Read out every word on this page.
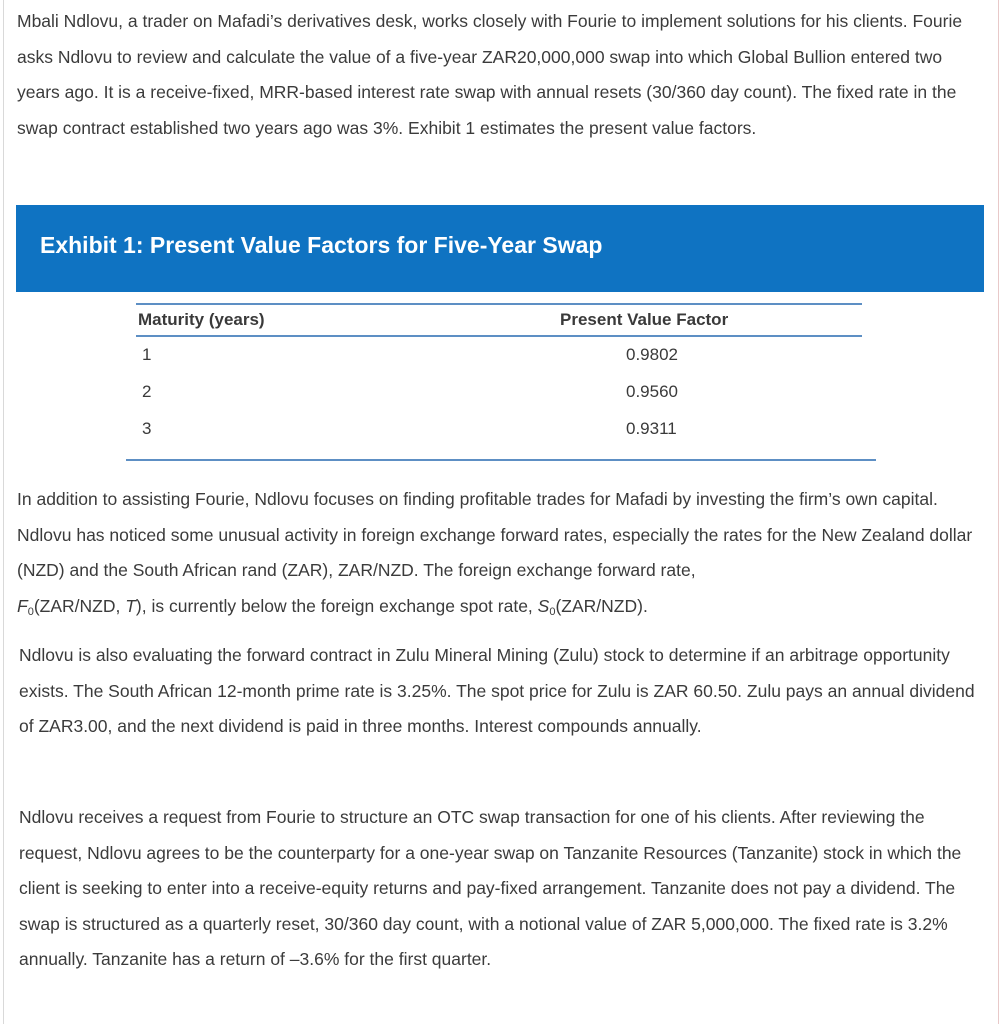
Mbali Ndlovu, a trader on Mafadi’s derivatives desk, works closely with Fourie to implement solutions for his clients. Fourie asks Ndlovu to review and calculate the value of a five-year ZAR20,000,000 swap into which Global Bullion entered two years ago. It is a receive-fixed, MRR-based interest rate swap with annual resets (30/360 day count). The fixed rate in the swap contract established two years ago was 3%. Exhibit 1 estimates the present value factors.

Exhibit 1: Present Value Factors for Five-Year Swap
Maturity (years)	Present Value Factor
1	0.9802
2	0.9560
3	0.9311

In addition to assisting Fourie, Ndlovu focuses on finding profitable trades for Mafadi by investing the firm’s own capital. Ndlovu has noticed some unusual activity in foreign exchange forward rates, especially the rates for the New Zealand dollar (NZD) and the South African rand (ZAR), ZAR/NZD. The foreign exchange forward rate,
$F_0(ZAR$/NZD, T), is currently below the foreign exchange spot rate, $S_0(ZAR/NZD)$.

Ndlovu is also evaluating the forward contract in Zulu Mineral Mining (Zulu) stock to determine if an arbitrage opportunity exists. The South African 12-month prime rate is 3.25%. The spot price for Zulu is ZAR 60.50. Zulu pays an annual dividend of ZAR3.00, and the next dividend is paid in three months. Interest compounds annually.

Ndlovu receives a request from Fourie to structure an OTC swap transaction for one of his clients. After reviewing the request, Ndlovu agrees to be the counterparty for a one-year swap on Tanzanite Resources (Tanzanite) stock in which the client is seeking to enter into a receive-equity returns and pay-fixed arrangement. Tanzanite does not pay a dividend. The swap is structured as a quarterly reset, 30/360 day count, with a notional value of ZAR 5,000,000. The fixed rate is 3.2% annually. Tanzanite has a return of –3.6% for the first quarter.
